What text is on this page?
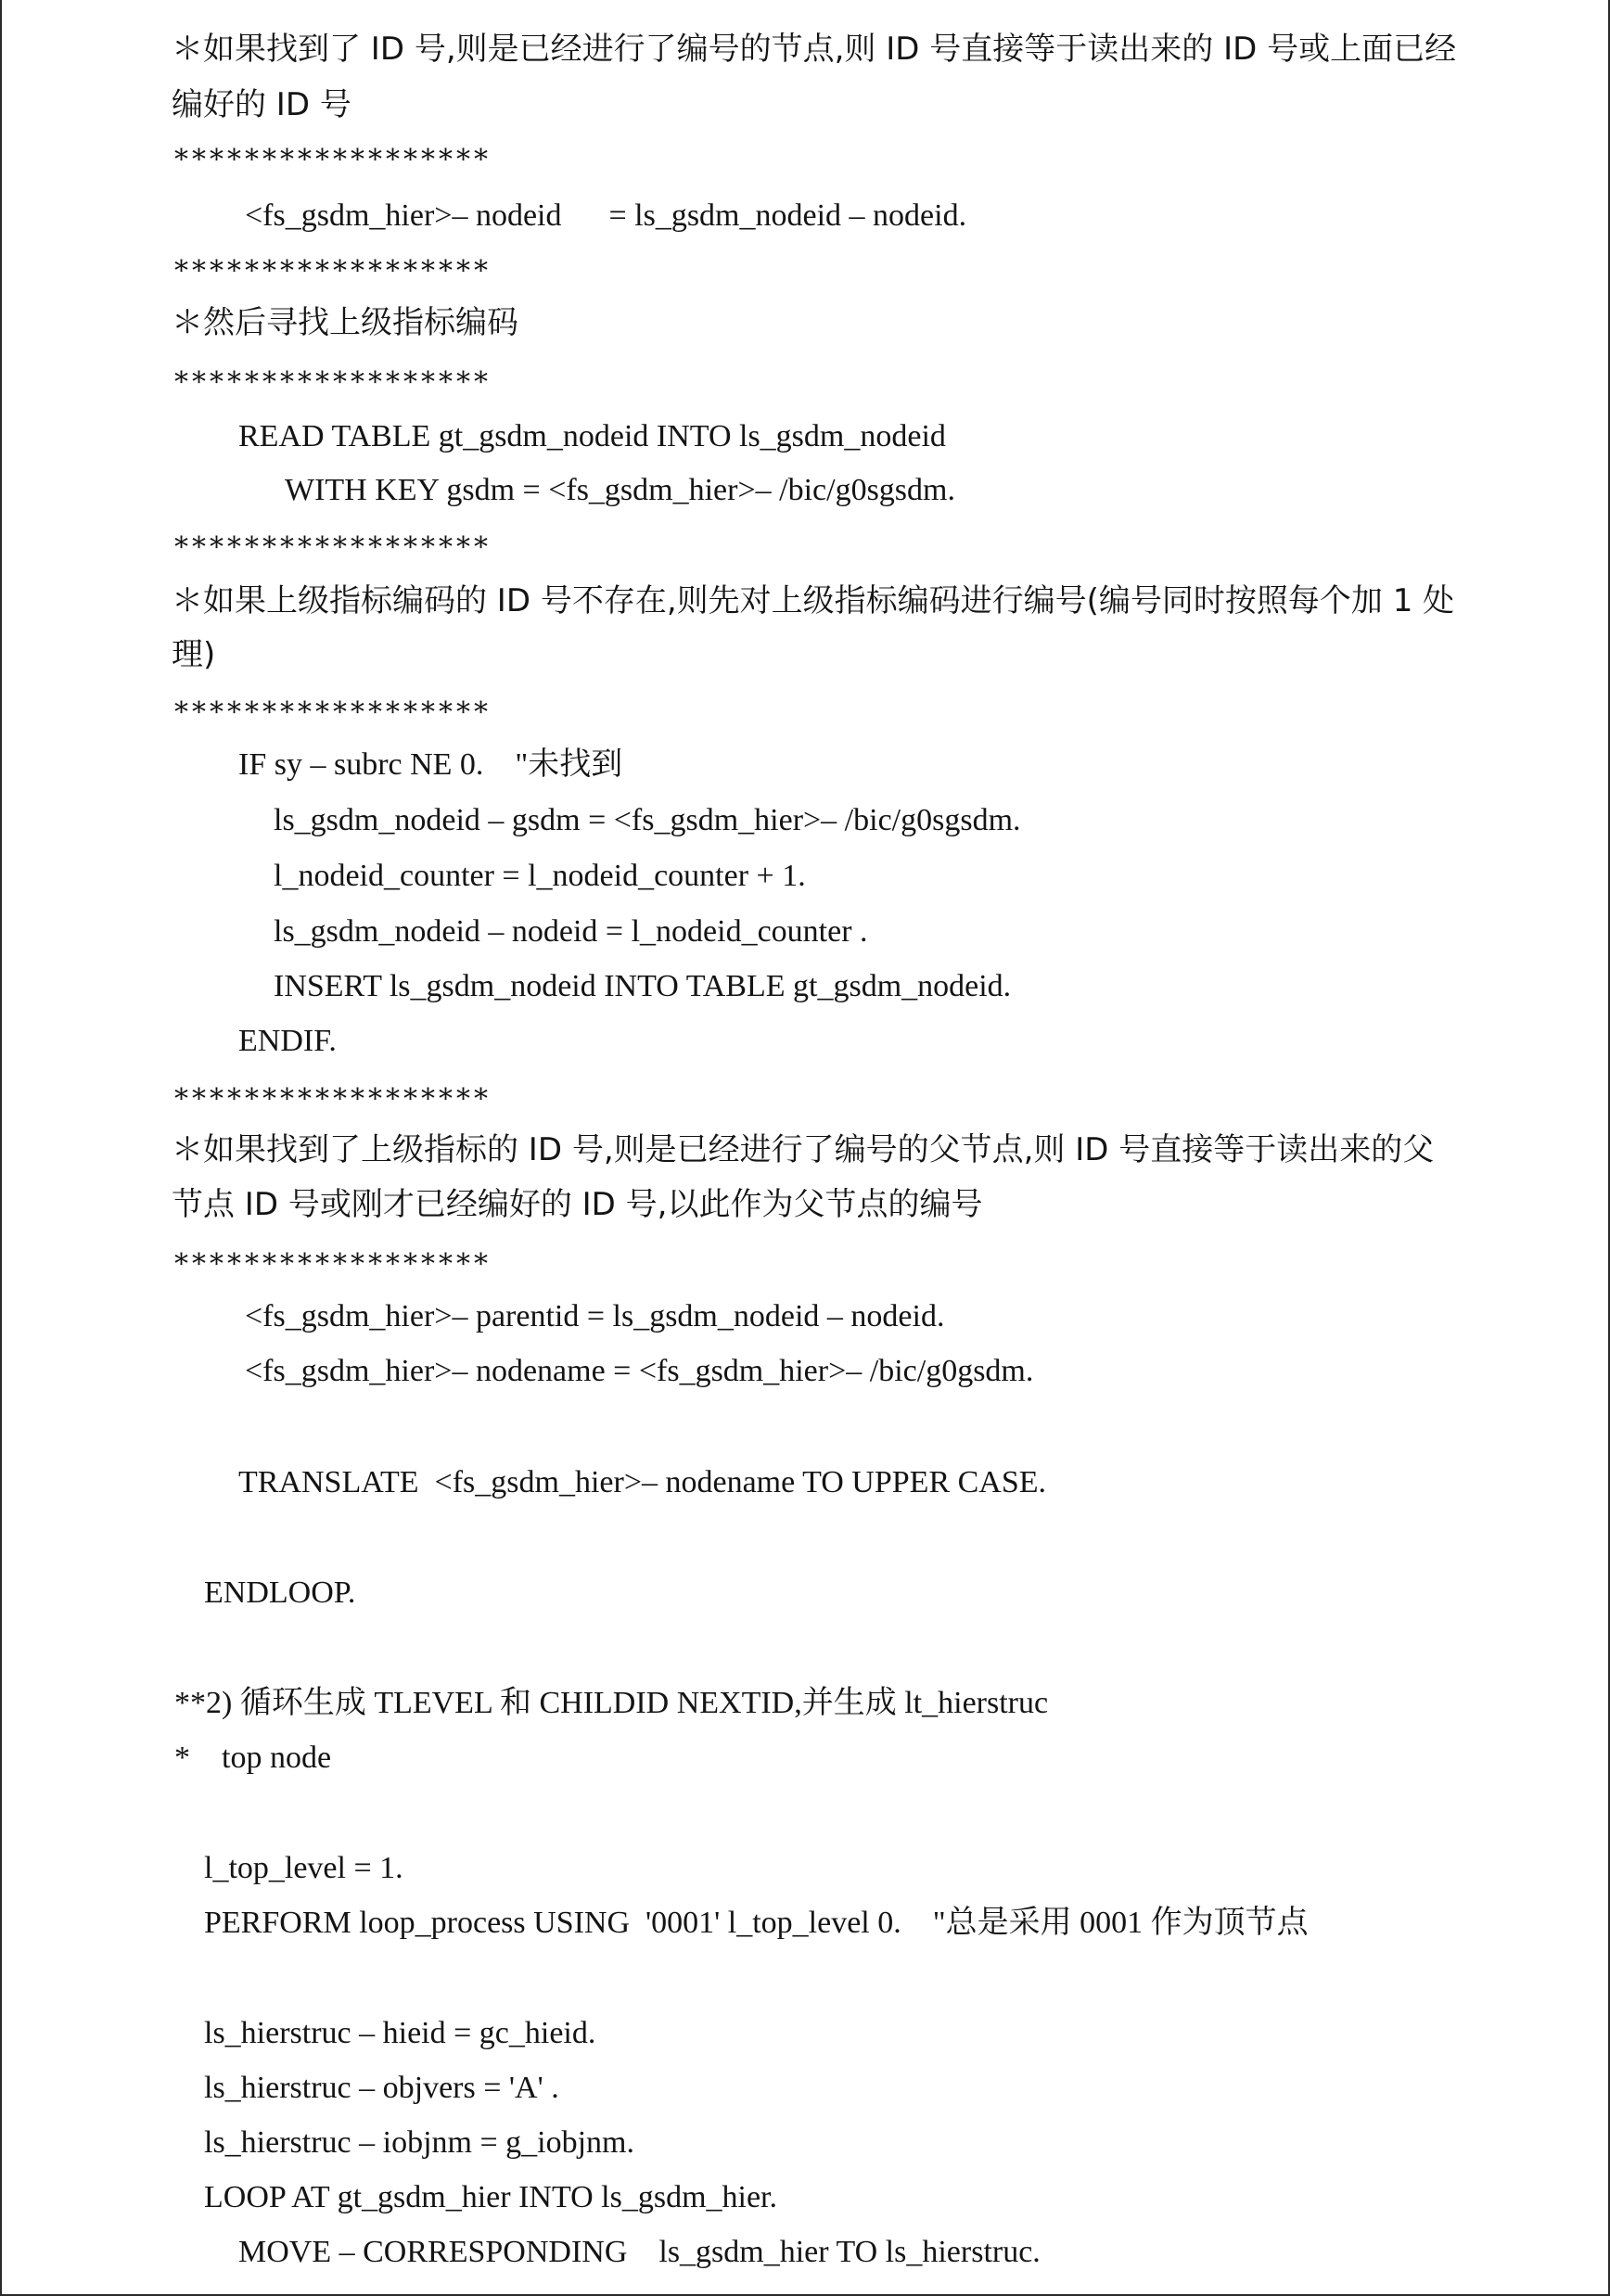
＊如果找到了 ID 号,则是已经进行了编号的节点,则 ID 号直接等于读出来的 ID 号或上面已经
编好的 ID 号
******************
<fs_gsdm_hier>– nodeid      = ls_gsdm_nodeid – nodeid.
******************
＊然后寻找上级指标编码
******************
READ TABLE gt_gsdm_nodeid INTO ls_gsdm_nodeid
WITH KEY gsdm = <fs_gsdm_hier>– /bic/g0sgsdm.
******************
＊如果上级指标编码的 ID 号不存在,则先对上级指标编码进行编号(编号同时按照每个加 1 处
理)
******************
IF sy – subrc NE 0.    "未找到
ls_gsdm_nodeid – gsdm = <fs_gsdm_hier>– /bic/g0sgsdm.
l_nodeid_counter = l_nodeid_counter + 1.
ls_gsdm_nodeid – nodeid = l_nodeid_counter .
INSERT ls_gsdm_nodeid INTO TABLE gt_gsdm_nodeid.
ENDIF.
******************
＊如果找到了上级指标的 ID 号,则是已经进行了编号的父节点,则 ID 号直接等于读出来的父
节点 ID 号或刚才已经编好的 ID 号,以此作为父节点的编号
******************
<fs_gsdm_hier>– parentid = ls_gsdm_nodeid – nodeid.
<fs_gsdm_hier>– nodename = <fs_gsdm_hier>– /bic/g0gsdm.
TRANSLATE  <fs_gsdm_hier>– nodename TO UPPER CASE.
ENDLOOP.
**2) 循环生成 TLEVEL 和 CHILDID NEXTID,并生成 lt_hierstruc
*    top node
l_top_level = 1.
PERFORM loop_process USING  '0001' l_top_level 0.    "总是采用 0001 作为顶节点
ls_hierstruc – hieid = gc_hieid.
ls_hierstruc – objvers = 'A' .
ls_hierstruc – iobjnm = g_iobjnm.
LOOP AT gt_gsdm_hier INTO ls_gsdm_hier.
MOVE – CORRESPONDING    ls_gsdm_hier TO ls_hierstruc.
